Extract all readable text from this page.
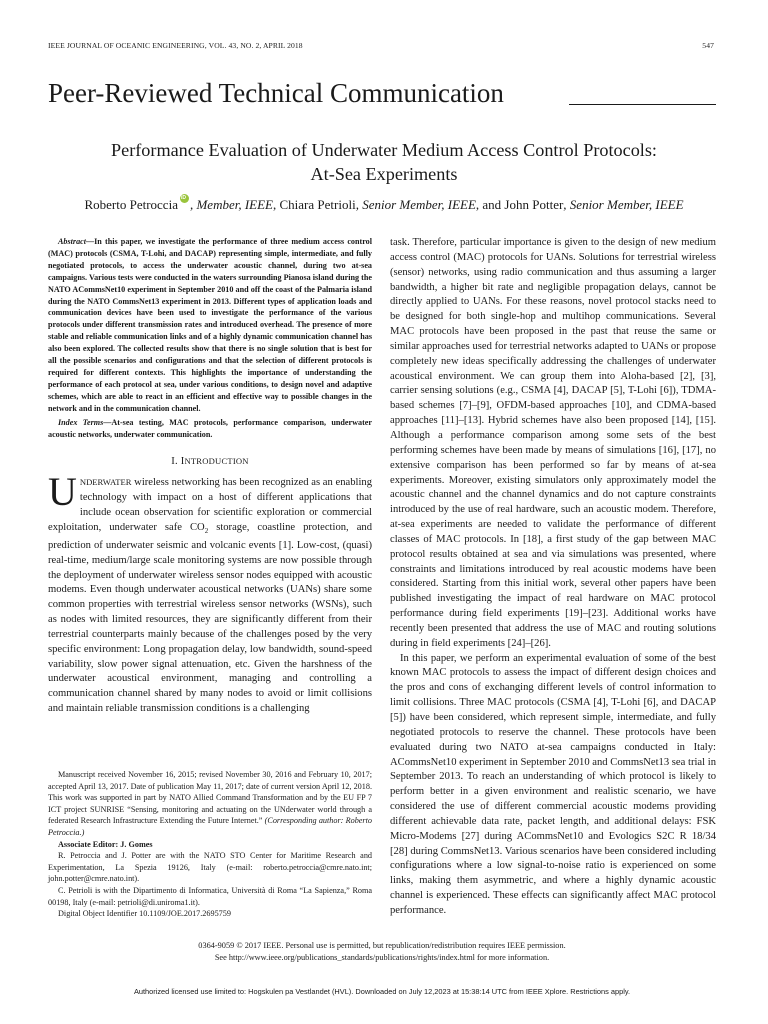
IEEE JOURNAL OF OCEANIC ENGINEERING, VOL. 43, NO. 2, APRIL 2018	547
Peer-Reviewed Technical Communication
Performance Evaluation of Underwater Medium Access Control Protocols:
At-Sea Experiments
Roberto PetrocciaiD , Member, IEEE, Chiara Petrioli, Senior Member, IEEE, and John Potter, Senior Member, IEEE
Abstract—In this paper, we investigate the performance of three medium access control (MAC) protocols (CSMA, T-Lohi, and DACAP) representing simple, intermediate, and fully negotiated protocols, to access the underwater acoustic channel, during two at-sea campaigns. Various tests were conducted in the waters surrounding Pianosa island during the NATO ACommsNet10 experiment in September 2010 and off the coast of the Palmaria island during the NATO CommsNet13 experiment in 2013. Different types of application loads and communication devices have been used to investigate the performance of the various protocols under different transmission rates and introduced overhead. The presence of more stable and reliable communication links and of a highly dynamic communication channel has also been explored. The collected results show that there is no single solution that is best for all the possible scenarios and configurations and that the selection of different protocols is required for different contexts. This highlights the importance of understanding the performance of each protocol at sea, under various conditions, to design novel and adaptive schemes, which are able to react in an efficient and effective way to possible changes in the network and in the communication channel.
Index Terms—At-sea testing, MAC protocols, performance comparison, underwater acoustic networks, underwater communication.
I. INTRODUCTION

UNDERWATER wireless networking has been recognized as an enabling technology with impact on a host of different applications that include ocean observation for scientific exploration or commercial exploitation, underwater safe $CO_2$ storage, coastline protection, and prediction of underwater seismic and volcanic events [1]. Low-cost, (quasi) real-time, medium/large scale monitoring systems are now possible through the deployment of underwater wireless sensor nodes equipped with acoustic modems. Even though underwater acoustical networks (UANs) share some common properties with terrestrial wireless sensor networks (WSNs), such as nodes with limited resources, they are significantly different from their terrestrial counterparts mainly because of the challenges posed by the very specific environment: Long propagation delay, low bandwidth, sound-speed variability, slow power signal attenuation, etc. Given the harshness of the underwater acoustical environment, managing and controlling a communication channel shared by many nodes to avoid or limit collisions and maintain reliable transmission conditions is a challenging

Manuscript received November 16, 2015; revised November 30, 2016 and February 10, 2017; accepted April 13, 2017. Date of publication May 11, 2017; date of current version April 12, 2018. This work was supported in part by NATO Allied Command Transformation and by the EU FP 7 ICT project SUNRISE “Sensing, monitoring and actuating on the UNderwater world through a federated Research Infrastructure Extending the Future Internet.” (Corresponding author: Roberto Petroccia.)

Associate Editor: J. Gomes

R. Petroccia and J. Potter are with the NATO STO Center for Maritime Research and Experimentation, La Spezia 19126, Italy (e-mail: roberto.petroccia@cmre.nato.int; john.potter@cmre.nato.int).

C. Petrioli is with the Dipartimento di Informatica, Università di Roma “La Sapienza,” Roma 00198, Italy (e-mail: petrioli@di.uniroma1.it).

Digital Object Identifier 10.1109/JOE.2017.2695759

task. Therefore, particular importance is given to the design of new medium access control (MAC) protocols for UANs. Solutions for terrestrial wireless (sensor) networks, using radio communication and thus assuming a larger bandwidth, a higher bit rate and negligible propagation delays, cannot be directly applied to UANs. For these reasons, novel protocol stacks need to be designed for both single-hop and multihop communications. Several MAC protocols have been proposed in the past that reuse the same or similar approaches used for terrestrial networks adapted to UANs or propose completely new ideas specifically addressing the challenges of underwater acoustical environment. We can group them into Aloha-based [2], [3], carrier sensing solutions (e.g., CSMA [4], DACAP [5], T-Lohi [6]), TDMA-based schemes [7]–[9], OFDM-based approaches [10], and CDMA-based approaches [11]–[13]. Hybrid schemes have also been proposed [14], [15]. Although a performance comparison among some sets of the best performing schemes have been made by means of simulations [16], [17], no extensive comparison has been performed so far by means of at-sea experiments. Moreover, existing simulators only approximately model the acoustic channel and the channel dynamics and do not capture constraints introduced by the use of real hardware, such an acoustic modem. Therefore, at-sea experiments are needed to validate the performance of different classes of MAC protocols. In [18], a first study of the gap between MAC protocol results obtained at sea and via simulations was presented, where constraints and limitations introduced by real acoustic modems have been considered. Starting from this initial work, several other papers have been published investigating the impact of real hardware on MAC protocol performance during field experiments [19]–[23]. Additional works have recently been presented that address the use of MAC and routing solutions during in field experiments [24]–[26].

In this paper, we perform an experimental evaluation of some of the best known MAC protocols to assess the impact of different design choices and the pros and cons of exchanging different levels of control information to limit collisions. Three MAC protocols (CSMA [4], T-Lohi [6], and DACAP [5]) have been considered, which represent simple, intermediate, and fully negotiated protocols to reserve the channel. These protocols have been evaluated during two NATO at-sea campaigns conducted in Italy: ACommsNet10 experiment in September 2010 and CommsNet13 sea trial in September 2013. To reach an understanding of which protocol is likely to perform better in a given environment and realistic scenario, we have considered the use of different commercial acoustic modems providing different achievable data rate, packet length, and additional delays: FSK Micro-Modems [27] during ACommsNet10 and Evologics S2C R 18/34 [28] during CommsNet13. Various scenarios have been considered including configurations where a low signal-to-noise ratio is experienced on some links, making them asymmetric, and where a highly dynamic acoustic channel is experienced. These effects can significantly affect MAC protocol performance.

0364-9059 © 2017 IEEE. Personal use is permitted, but republication/redistribution requires IEEE permission.
See http://www.ieee.org/publications_standards/publications/rights/index.html for more information.
Authorized licensed use limited to: Hogskulen pa Vestlandet (HVL). Downloaded on July 12,2023 at 15:38:14 UTC from IEEE Xplore. Restrictions apply.
